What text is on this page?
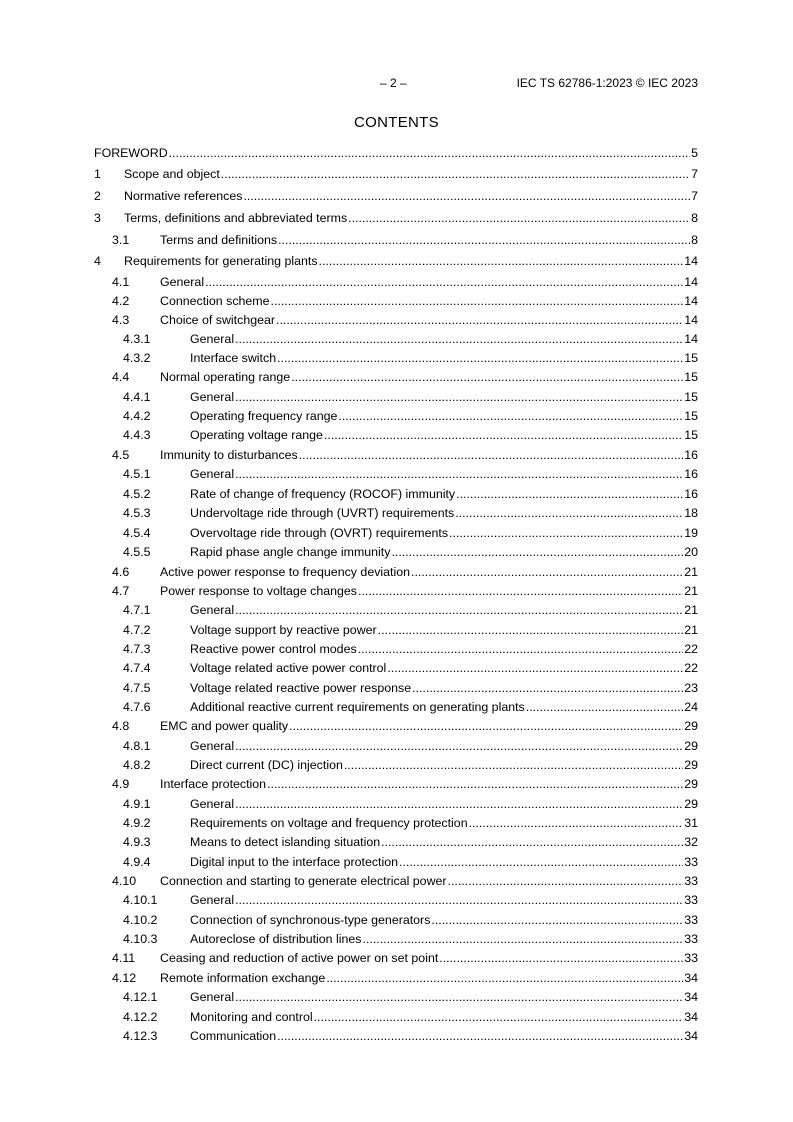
– 2 –	IEC TS 62786-1:2023 © IEC 2023
CONTENTS
FOREWORD .....	5
1	Scope and object .....	7
2	Normative references .....	7
3	Terms, definitions and abbreviated terms .....	8
3.1	Terms and definitions .....	8
4	Requirements for generating plants .....	14
4.1	General .....	14
4.2	Connection scheme .....	14
4.3	Choice of switchgear .....	14
4.3.1	General .....	14
4.3.2	Interface switch .....	15
4.4	Normal operating range .....	15
4.4.1	General .....	15
4.4.2	Operating frequency range .....	15
4.4.3	Operating voltage range .....	15
4.5	Immunity to disturbances .....	16
4.5.1	General .....	16
4.5.2	Rate of change of frequency (ROCOF) immunity .....	16
4.5.3	Undervoltage ride through (UVRT) requirements .....	18
4.5.4	Overvoltage ride through (OVRT) requirements .....	19
4.5.5	Rapid phase angle change immunity .....	20
4.6	Active power response to frequency deviation .....	21
4.7	Power response to voltage changes .....	21
4.7.1	General .....	21
4.7.2	Voltage support by reactive power .....	21
4.7.3	Reactive power control modes .....	22
4.7.4	Voltage related active power control .....	22
4.7.5	Voltage related reactive power response .....	23
4.7.6	Additional reactive current requirements on generating plants .....	24
4.8	EMC and power quality .....	29
4.8.1	General .....	29
4.8.2	Direct current (DC) injection .....	29
4.9	Interface protection .....	29
4.9.1	General .....	29
4.9.2	Requirements on voltage and frequency protection .....	31
4.9.3	Means to detect islanding situation .....	32
4.9.4	Digital input to the interface protection .....	33
4.10	Connection and starting to generate electrical power .....	33
4.10.1	General .....	33
4.10.2	Connection of synchronous-type generators .....	33
4.10.3	Autoreclose of distribution lines .....	33
4.11	Ceasing and reduction of active power on set point .....	33
4.12	Remote information exchange .....	34
4.12.1	General .....	34
4.12.2	Monitoring and control .....	34
4.12.3	Communication .....	34
